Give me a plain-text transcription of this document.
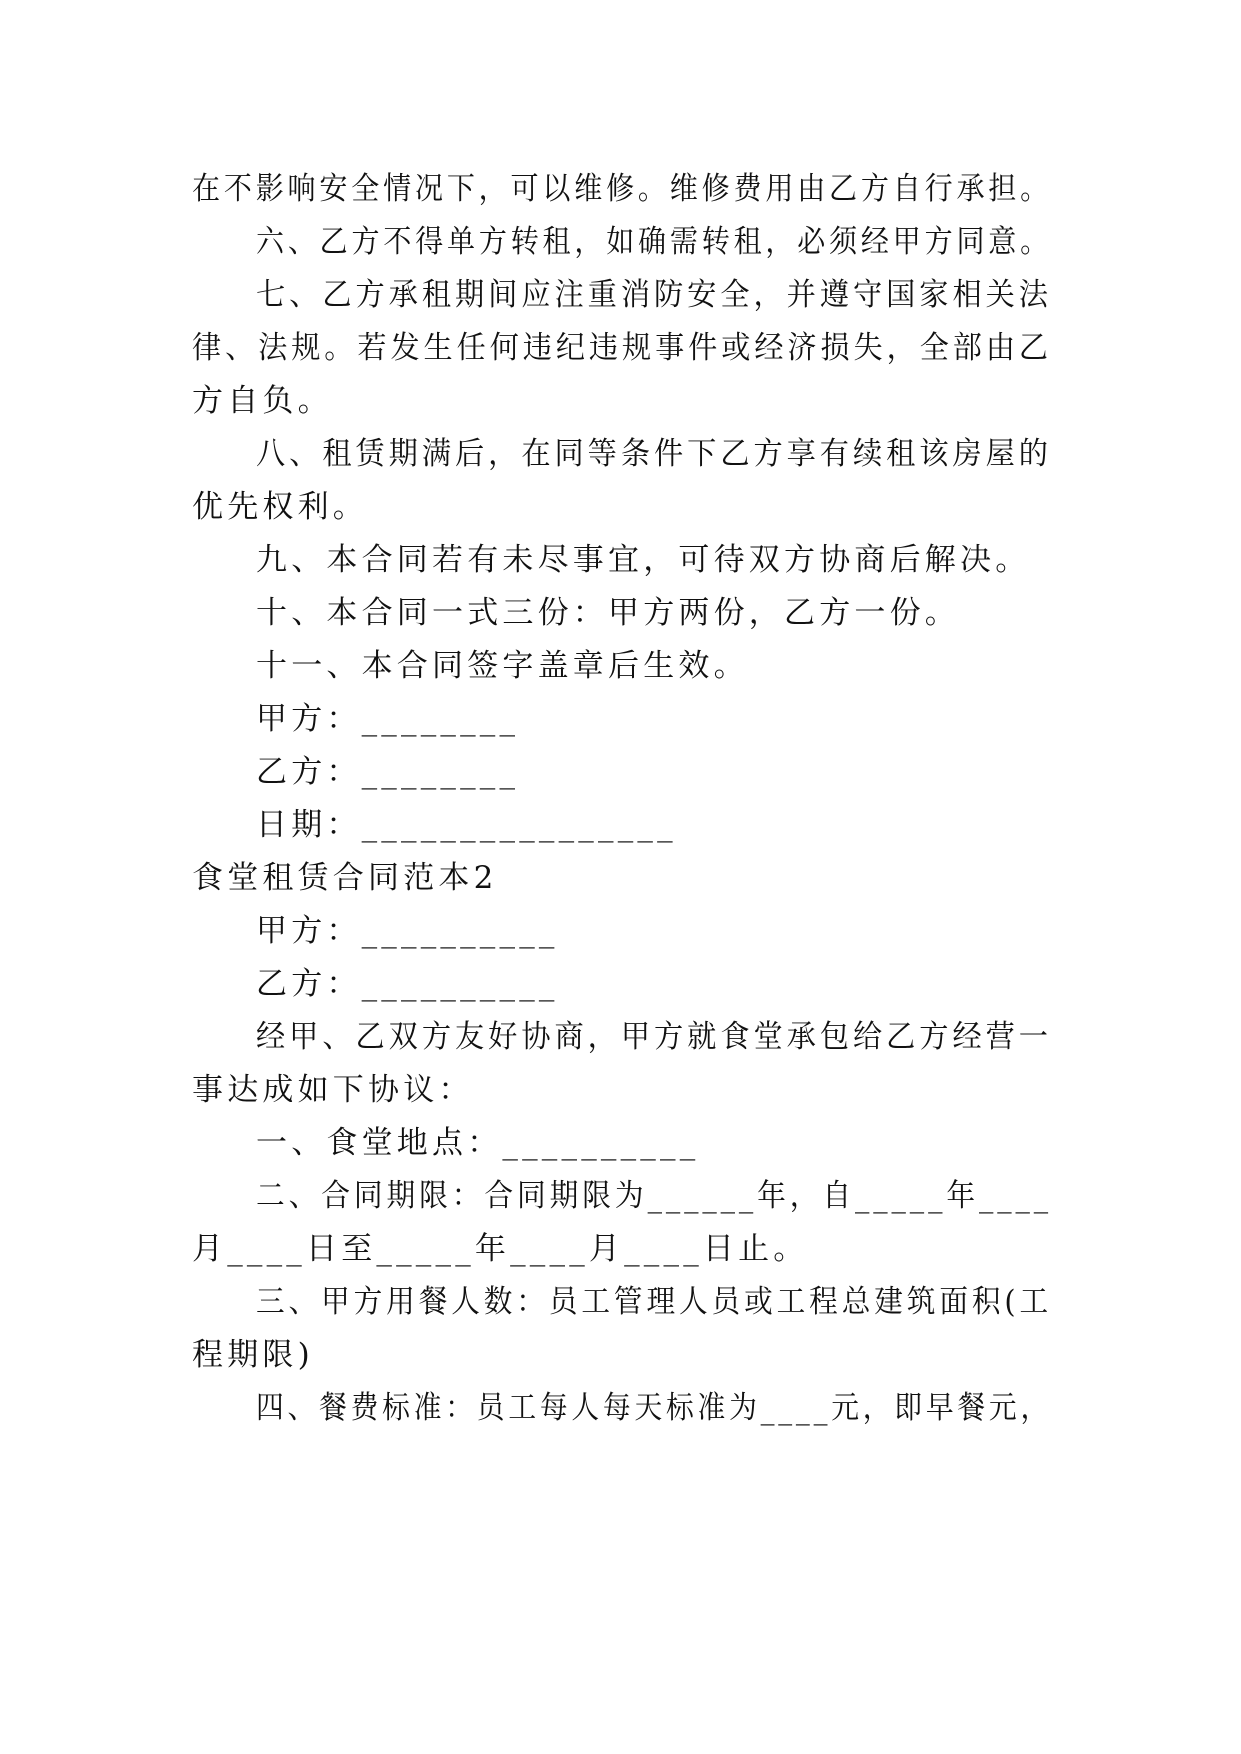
在不影响安全情况下，可以维修。维修费用由乙方自行承担。
六、乙方不得单方转租，如确需转租，必须经甲方同意。
七、乙方承租期间应注重消防安全，并遵守国家相关法
律、法规。若发生任何违纪违规事件或经济损失，全部由乙
方自负。
八、租赁期满后，在同等条件下乙方享有续租该房屋的
优先权利。
九、本合同若有未尽事宜，可待双方协商后解决。
十、本合同一式三份：甲方两份，乙方一份。
十一、本合同签字盖章后生效。
甲方：________
乙方：________
日期：________________
食堂租赁合同范本2
甲方：__________
乙方：__________
经甲、乙双方友好协商，甲方就食堂承包给乙方经营一
事达成如下协议：
一、食堂地点：__________
二、合同期限：合同期限为______年，自_____年____
月____日至_____年____月____日止。
三、甲方用餐人数：员工管理人员或工程总建筑面积(工
程期限)
四、餐费标准：员工每人每天标准为____元，即早餐元，
